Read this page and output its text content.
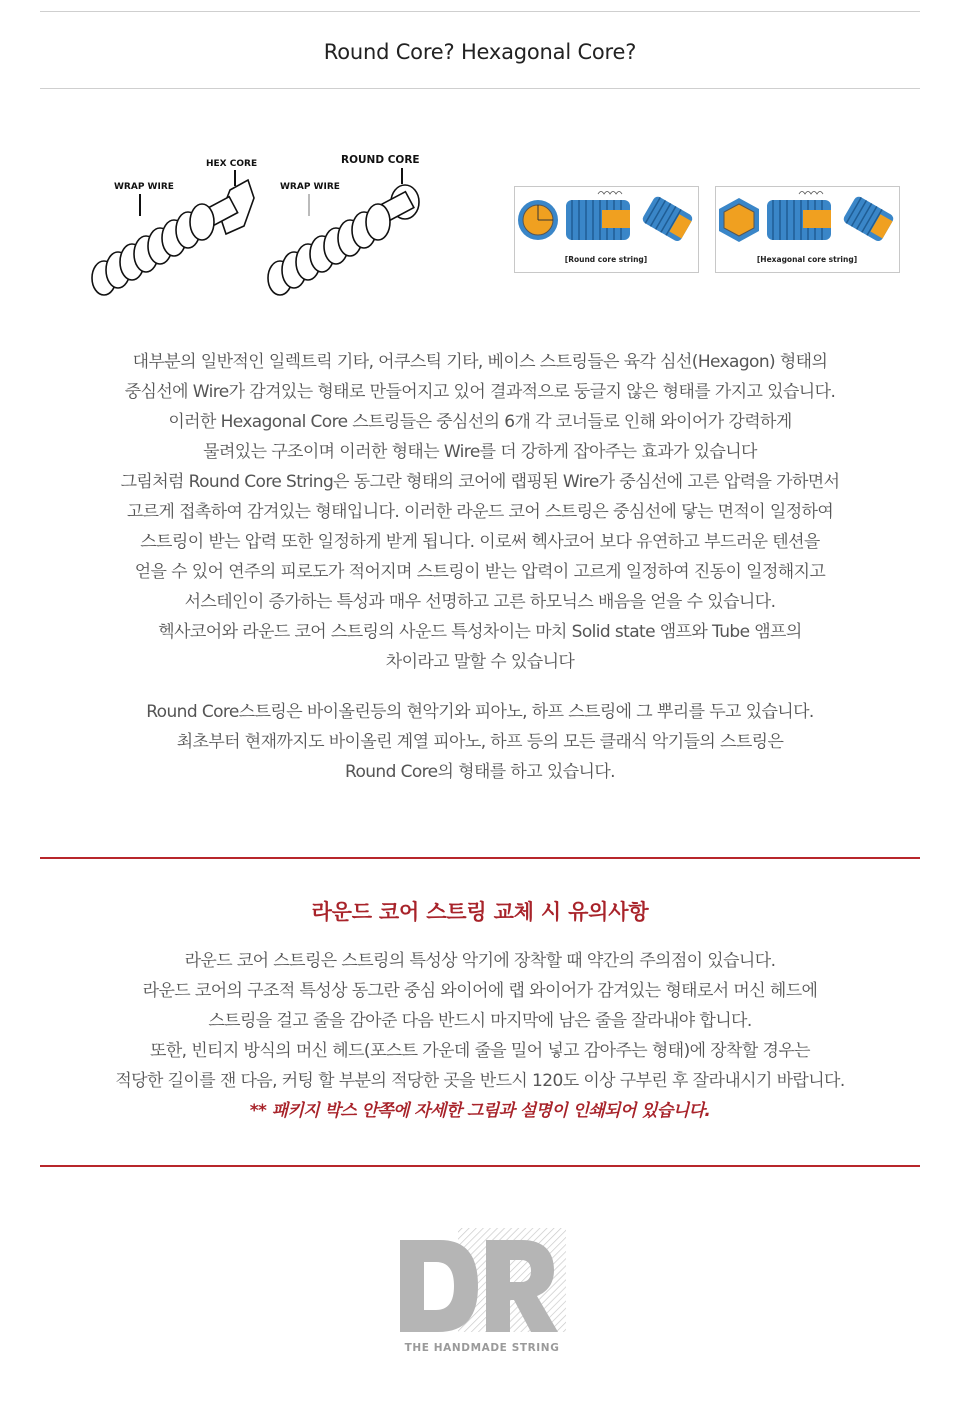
Round Core? Hexagonal Core?
HEX CORE
WRAP WIRE
ROUND CORE
WRAP WIRE
[Round core string]	[Hexagonal core string]
대부분의 일반적인 일렉트릭 기타, 어쿠스틱 기타, 베이스 스트링들은 육각 심선(Hexagon) 형태의
중심선에 Wire가 감겨있는 형태로 만들어지고 있어 결과적으로 둥글지 않은 형태를 가지고 있습니다.
이러한 Hexagonal Core 스트링들은 중심선의 6개 각 코너들로 인해 와이어가 강력하게
물려있는 구조이며 이러한 형태는 Wire를 더 강하게 잡아주는 효과가 있습니다
그림처럼 Round Core String은 동그란 형태의 코어에 랩핑된 Wire가 중심선에 고른 압력을 가하면서
고르게 접촉하여 감겨있는 형태입니다. 이러한 라운드 코어 스트링은 중심선에 닿는 면적이 일정하여
스트링이 받는 압력 또한 일정하게 받게 됩니다. 이로써 헥사코어 보다 유연하고 부드러운 텐션을
얻을 수 있어 연주의 피로도가 적어지며 스트링이 받는 압력이 고르게 일정하여 진동이 일정해지고
서스테인이 증가하는 특성과 매우 선명하고 고른 하모닉스 배음을 얻을 수 있습니다.
헥사코어와 라운드 코어 스트링의 사운드 특성차이는 마치 Solid state 앰프와 Tube 앰프의
차이라고 말할 수 있습니다
Round Core스트링은 바이올린등의 현악기와 피아노, 하프 스트링에 그 뿌리를 두고 있습니다.
최초부터 현재까지도 바이올린 계열 피아노, 하프 등의 모든 클래식 악기들의 스트링은
Round Core의 형태를 하고 있습니다.
라운드 코어 스트링 교체 시 유의사항
라운드 코어 스트링은 스트링의 특성상 악기에 장착할 때 약간의 주의점이 있습니다.
라운드 코어의 구조적 특성상 동그란 중심 와이어에 랩 와이어가 감겨있는 형태로서 머신 헤드에
스트링을 걸고 줄을 감아준 다음 반드시 마지막에 남은 줄을 잘라내야 합니다.
또한, 빈티지 방식의 머신 헤드(포스트 가운데 줄을 밀어 넣고 감아주는 형태)에 장착할 경우는
적당한 길이를 잰 다음, 커팅 할 부분의 적당한 곳을 반드시 120도 이상 구부린 후 잘라내시기 바랍니다.
** 패키지 박스 안쪽에 자세한 그림과 설명이 인쇄되어 있습니다.
THE HANDMADE STRING
